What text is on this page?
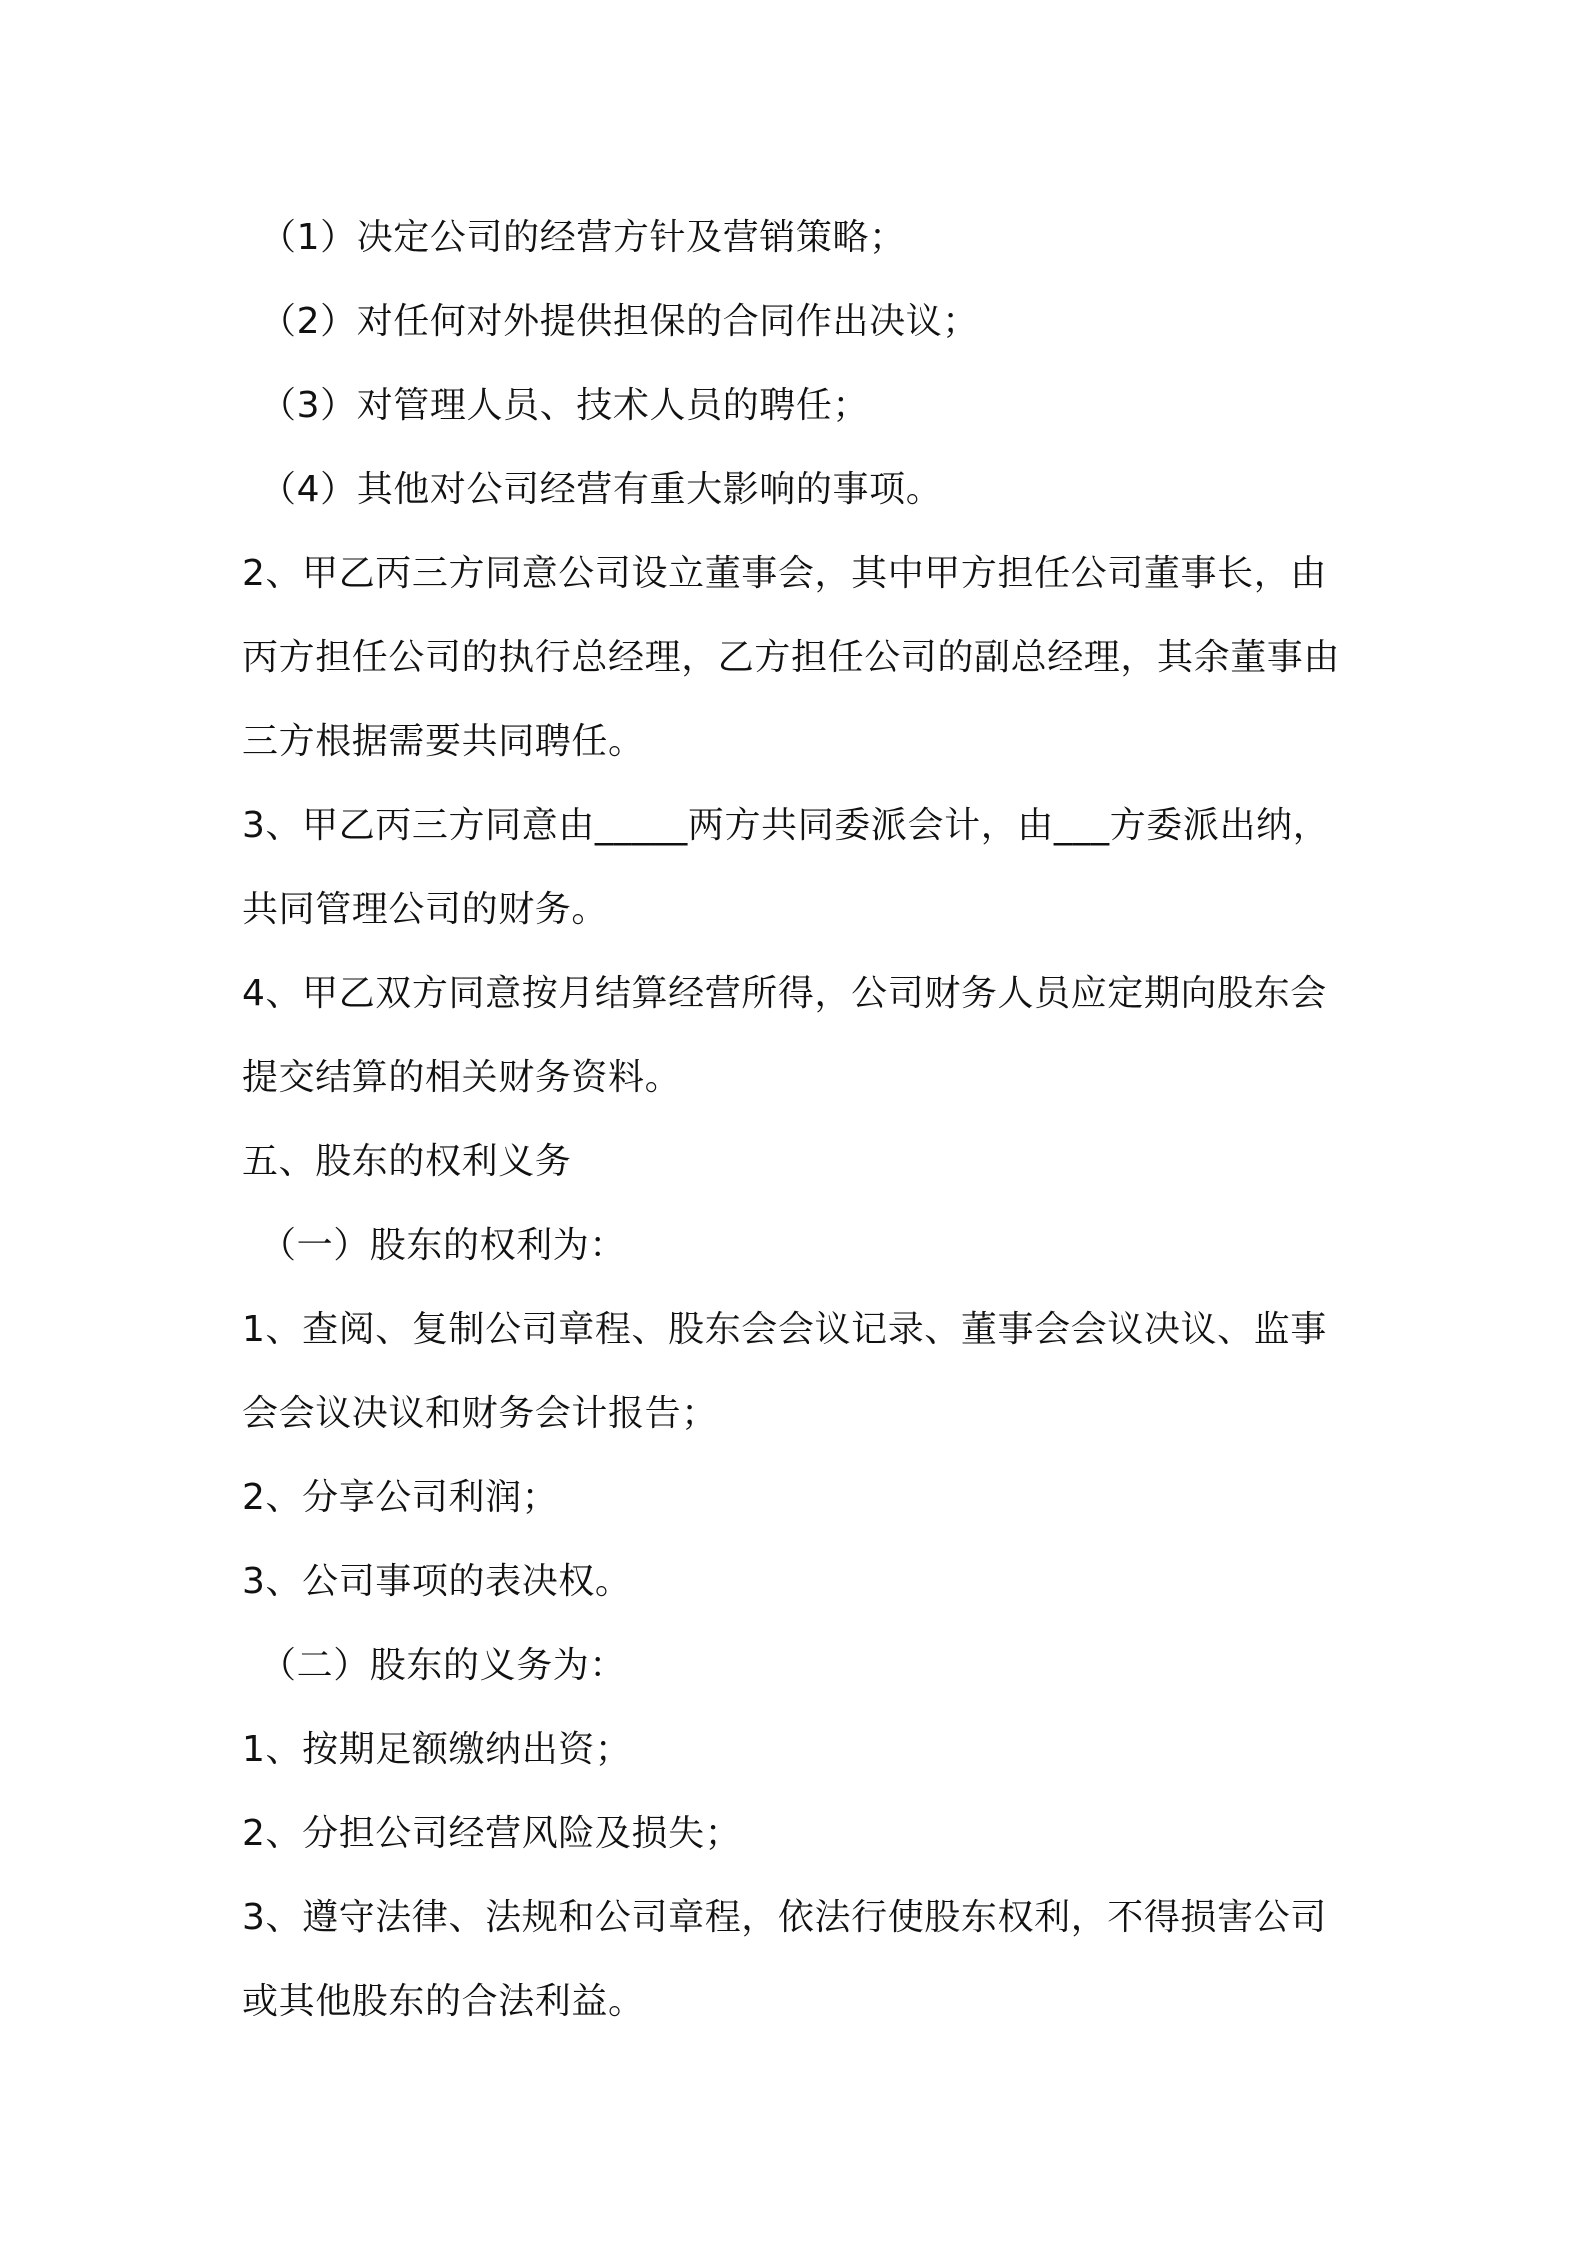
（1）决定公司的经营方针及营销策略；
（2）对任何对外提供担保的合同作出决议；
（3）对管理人员、技术人员的聘任；
（4）其他对公司经营有重大影响的事项。
2、甲乙丙三方同意公司设立董事会，其中甲方担任公司董事长，由
丙方担任公司的执行总经理，乙方担任公司的副总经理，其余董事由
三方根据需要共同聘任。
3、甲乙丙三方同意由_____两方共同委派会计，由___方委派出纳，
共同管理公司的财务。
4、甲乙双方同意按月结算经营所得，公司财务人员应定期向股东会
提交结算的相关财务资料。
五、股东的权利义务
（一）股东的权利为：
1、查阅、复制公司章程、股东会会议记录、董事会会议决议、监事
会会议决议和财务会计报告；
2、分享公司利润；
3、公司事项的表决权。
（二）股东的义务为：
1、按期足额缴纳出资；
2、分担公司经营风险及损失；
3、遵守法律、法规和公司章程，依法行使股东权利，不得损害公司
或其他股东的合法利益。
